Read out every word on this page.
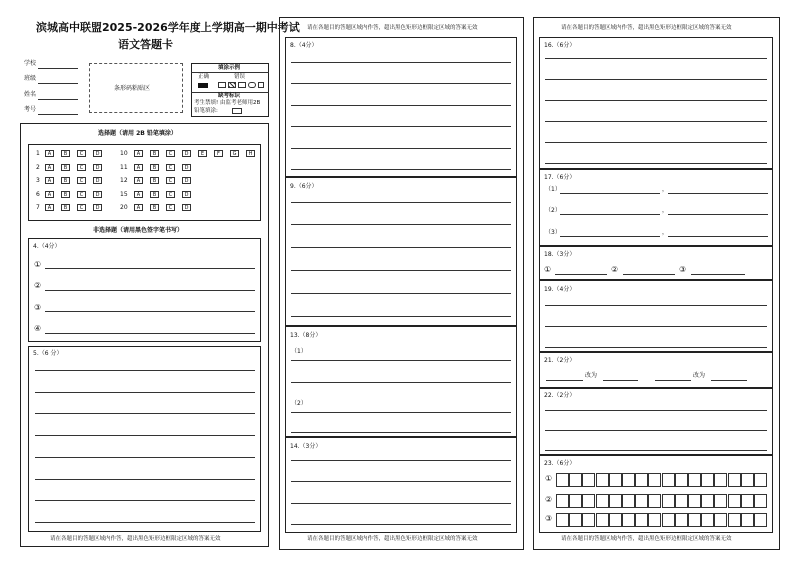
滨城高中联盟2025-2026学年度上学期高一期中考试
语文答题卡
学校
班级
姓名
考号
条形码粘贴区
填涂示例
正确	错误
缺考标识
考生禁填! 由监考老师用2B
铅笔填涂:
选择题（请用 2B 铅笔填涂）
1	A	B	C	D
2	A	B	C	D
3	A	B	C	D
6	A	B	C	D
7	A	B	C	D
10	A	B	C	D	E	F	G	H
11	A	B	C	D
12	A	B	C	D
15	A	B	C	D
20	A	B	C	D
非选择题（请用黑色签字笔书写）
4.（4分）
①
②
③
④
5.（6 分）
请在各题目的答题区域内作答，超出黑色矩形边框限定区域的答案无效
请在各题目的答题区域内作答，超出黑色矩形边框限定区域的答案无效
8.（4分）
9.（6分）
13.（8分）
（1）
（2）
14.（3分）
请在各题目的答题区域内作答，超出黑色矩形边框限定区域的答案无效
请在各题目的答题区域内作答，超出黑色矩形边框限定区域的答案无效
16.（6分）
17.（6分）
（1）	，
（2）	，
（3）	，
18.（3分）
①	②	③
19.（4分）
21.（2分）
改为	改为
22.（2分）
23.（6分）
①
②
③
请在各题目的答题区域内作答，超出黑色矩形边框限定区域的答案无效
